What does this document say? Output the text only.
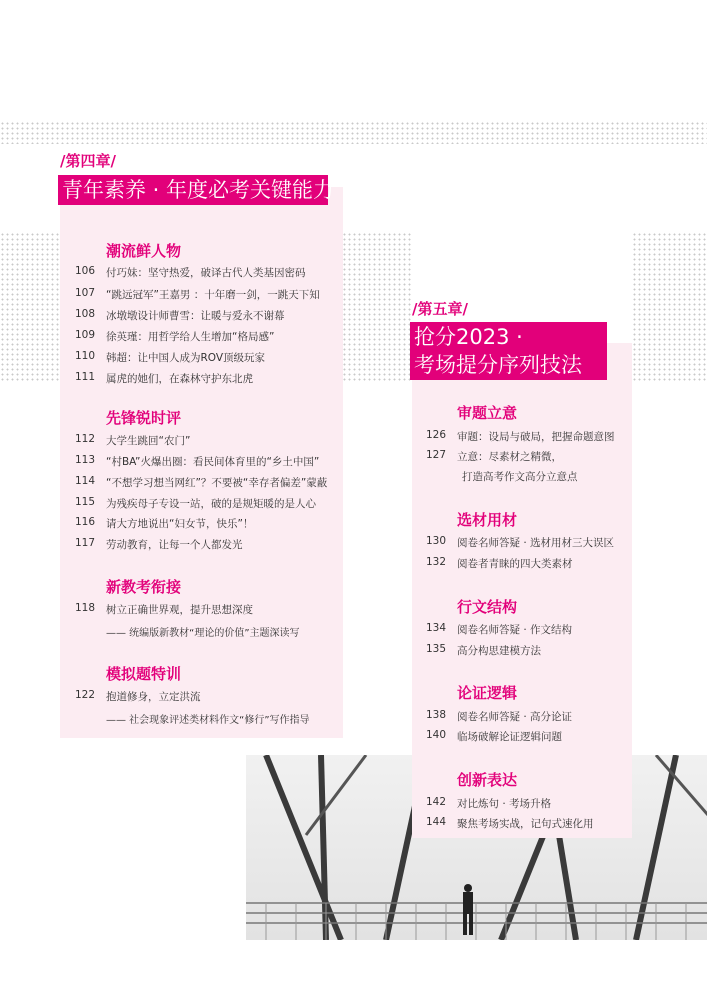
/第四章/
青年素养 · 年度必考关键能力
潮流鲜人物
106	付巧妹：坚守热爱，破译古代人类基因密码
107	“跳远冠军”王嘉男 ：十年磨一剑，一跳天下知
108	冰墩墩设计师曹雪：让暖与爱永不谢幕
109	徐英瑾：用哲学给人生增加“格局感”
110	韩超：让中国人成为ROV顶级玩家
111	属虎的她们，在森林守护东北虎
先锋锐时评
112	大学生跳回“农门”
113	“村BA”火爆出圈：看民间体育里的“乡土中国”
114	“不想学习想当网红”？不要被“幸存者偏差”蒙蔽
115	为残疾母子专设一站，破的是规矩暖的是人心
116	请大方地说出“妇女节，快乐”！
117	劳动教育，让每一个人都发光
新教考衔接
118	树立正确世界观，提升思想深度
—— 统编版新教材“理论的价值”主题深读写
模拟题特训
122	抱道修身，立定洪流
—— 社会现象评述类材料作文“修行”写作指导
/第五章/
抢分2023 ·
考场提分序列技法
审题立意
126	审题：设局与破局，把握命题意图
127	立意：尽素材之精微，
打造高考作文高分立意点
选材用材
130	阅卷名师答疑 · 选材用材三大误区
132	阅卷者青睐的四大类素材
行文结构
134	阅卷名师答疑 · 作文结构
135	高分构思建模方法
论证逻辑
138	阅卷名师答疑 · 高分论证
140	临场破解论证逻辑问题
创新表达
142	对比炼句 · 考场升格
144	聚焦考场实战，记句式速化用
